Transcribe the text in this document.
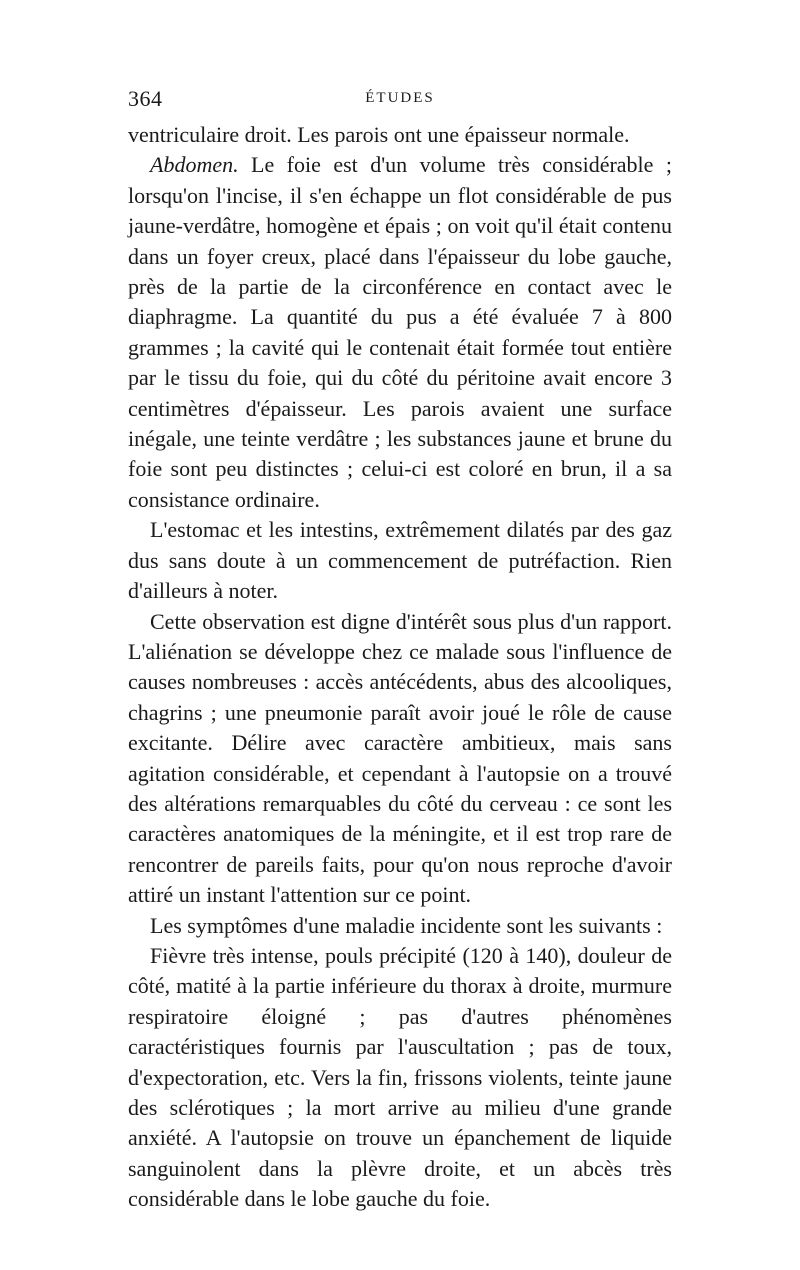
364	ÉTUDES

ventriculaire droit. Les parois ont une épaisseur normale.

Abdomen. Le foie est d'un volume très considérable ; lorsqu'on l'incise, il s'en échappe un flot considérable de pus jaune-verdâtre, homogène et épais ; on voit qu'il était contenu dans un foyer creux, placé dans l'épaisseur du lobe gauche, près de la partie de la circonférence en contact avec le diaphragme. La quantité du pus a été évaluée 7 à 800 grammes ; la cavité qui le contenait était formée tout entière par le tissu du foie, qui du côté du péritoine avait encore 3 centimètres d'épaisseur. Les parois avaient une surface inégale, une teinte verdâtre ; les substances jaune et brune du foie sont peu distinctes ; celui-ci est coloré en brun, il a sa consistance ordinaire.

L'estomac et les intestins, extrêmement dilatés par des gaz dus sans doute à un commencement de putréfaction. Rien d'ailleurs à noter.

Cette observation est digne d'intérêt sous plus d'un rapport. L'aliénation se développe chez ce malade sous l'influence de causes nombreuses : accès antécédents, abus des alcooliques, chagrins ; une pneumonie paraît avoir joué le rôle de cause excitante. Délire avec caractère ambitieux, mais sans agitation considérable, et cependant à l'autopsie on a trouvé des altérations remarquables du côté du cerveau : ce sont les caractères anatomiques de la méningite, et il est trop rare de rencontrer de pareils faits, pour qu'on nous reproche d'avoir attiré un instant l'attention sur ce point.

Les symptômes d'une maladie incidente sont les suivants :

Fièvre très intense, pouls précipité (120 à 140), douleur de côté, matité à la partie inférieure du thorax à droite, murmure respiratoire éloigné ; pas d'autres phénomènes caractéristiques fournis par l'auscultation ; pas de toux, d'expectoration, etc. Vers la fin, frissons violents, teinte jaune des sclérotiques ; la mort arrive au milieu d'une grande anxiété. A l'autopsie on trouve un épanchement de liquide sanguinolent dans la plèvre droite, et un abcès très considérable dans le lobe gauche du foie.
